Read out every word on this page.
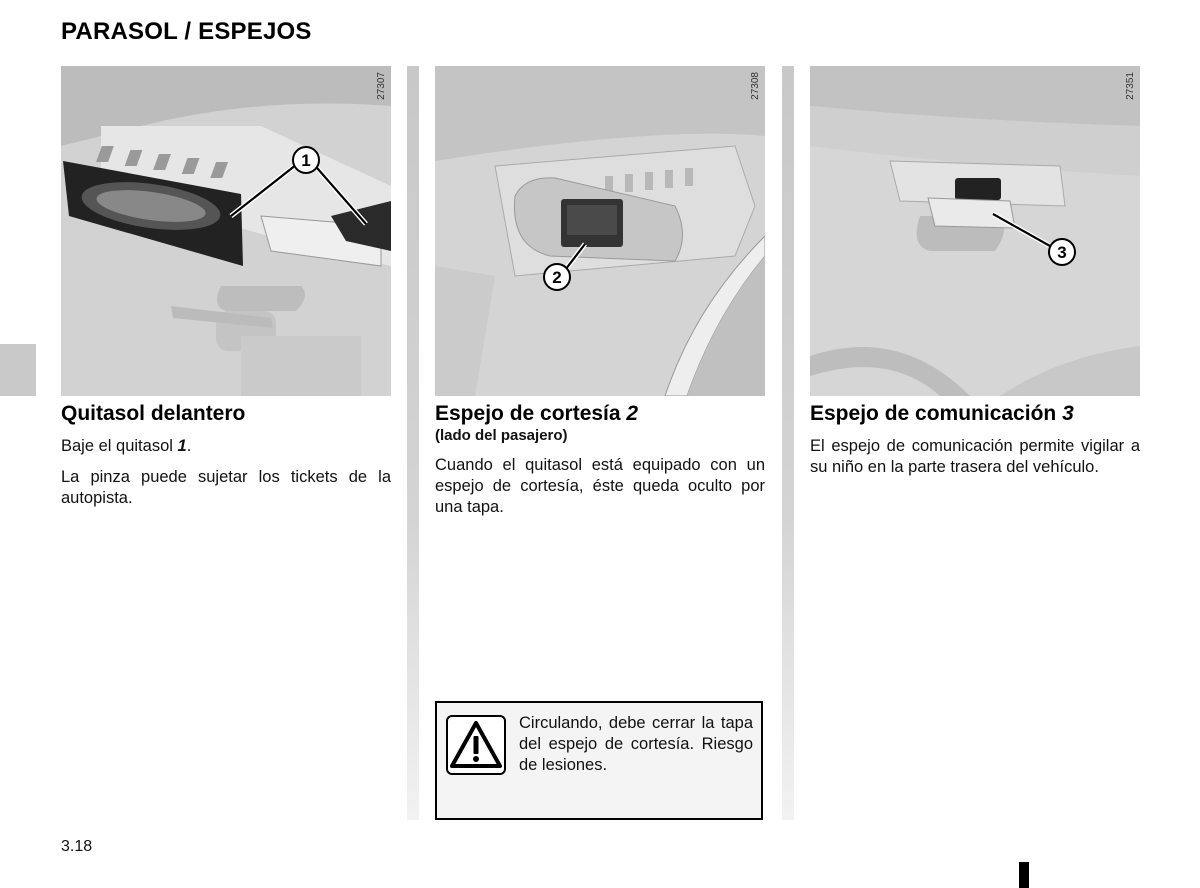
PARASOL / ESPEJOS
1
27307
Quitasol delantero

Baje el quitasol 1.

La pinza puede sujetar los tickets de la autopista.

2
27308
Espejo de cortesía 2

(lado del pasajero)

Cuando el quitasol está equipado con un espejo de cortesía, éste queda oculto por una tapa.

3
27351
Espejo de comunicación 3

El espejo de comunicación permite vigilar a su niño en la parte trasera del vehículo.

Circulando, debe cerrar la tapa del espejo de cortesía. Riesgo de lesiones.
3.18
